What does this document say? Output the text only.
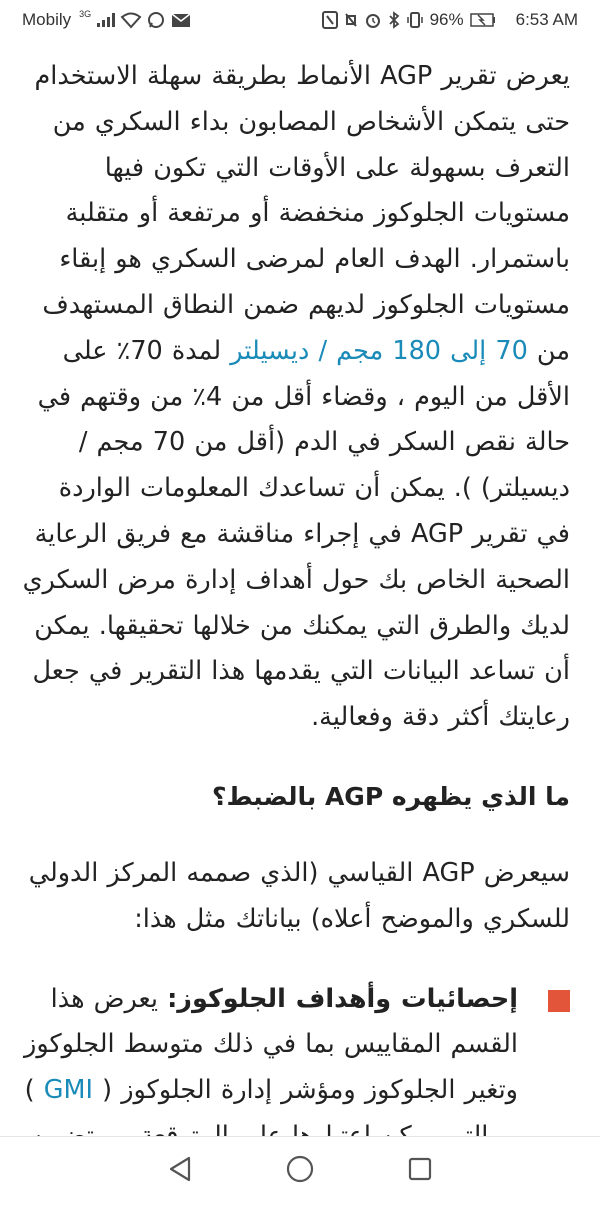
Mobily 3G	96%	6:53 AM

يعرض تقرير AGP الأنماط بطريقة سهلة الاستخدام حتى يتمكن الأشخاص المصابون بداء السكري من التعرف بسهولة على الأوقات التي تكون فيها مستويات الجلوكوز منخفضة أو مرتفعة أو متقلبة باستمرار. الهدف العام لمرضى السكري هو إبقاء مستويات الجلوكوز لديهم ضمن النطاق المستهدف من 70 إلى 180 مجم / ديسيلتر لمدة 70٪ على الأقل من اليوم ، وقضاء أقل من 4٪ من وقتهم في حالة نقص السكر في الدم (أقل من 70 مجم / ديسيلتر) ). يمكن أن تساعدك المعلومات الواردة في تقرير AGP في إجراء مناقشة مع فريق الرعاية الصحية الخاص بك حول أهداف إدارة مرض السكري لديك والطرق التي يمكنك من خلالها تحقيقها. يمكن أن تساعد البيانات التي يقدمها هذا التقرير في جعل رعايتك أكثر دقة وفعالية.

ما الذي يظهره AGP بالضبط؟

سيعرض AGP القياسي (الذي صممه المركز الدولي للسكري والموضح أعلاه) بياناتك مثل هذا:

إحصائيات وأهداف الجلوكوز: يعرض هذا القسم المقاييس بما في ذلك متوسط الجلوكوز وتغير الجلوكوز ومؤشر إدارة الجلوكوز ( GMI )
